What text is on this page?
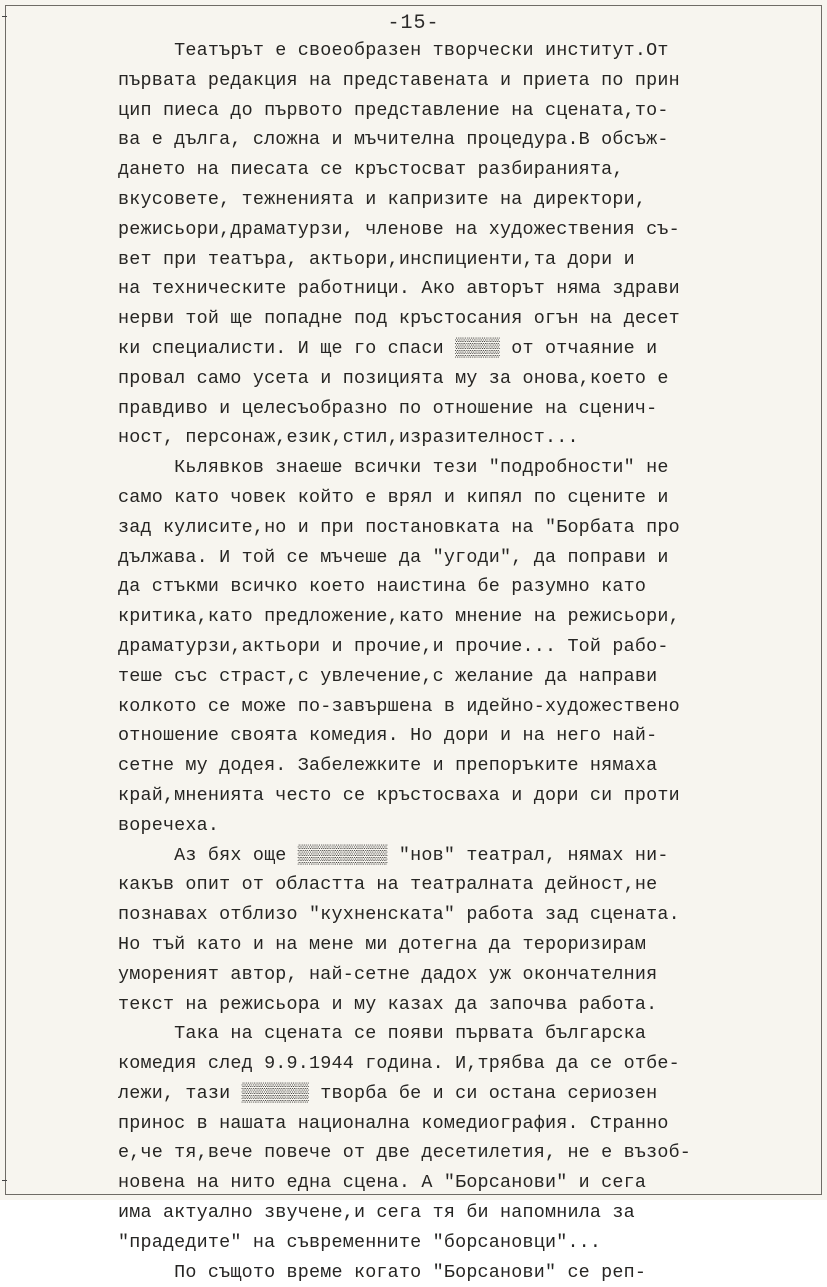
-15-
Театърът е своеобразен творчески институт.От
първата редакция на представената и приета по прин
цип пиеса до първото представление на сцената,то-
ва е дълга, сложна и мъчителна процедура.В обсъж-
дането на пиесата се кръстосват разбиранията,
вкусовете, тежненията и капризите на директори,
режисьори,драматурзи, членове на художествения съ-
вет при театъра, актьори,инспициенти,та дори и
на техническите работници. Ако авторът няма здрави
нерви той ще попадне под кръстосания огън на десет
ки специалисти. И ще го спаси ▒▒▒▒ от отчаяние и
провал само усета и позицията му за онова,което е
правдиво и целесъобразно по отношение на сценич-
ност, персонаж,език,стил,изразителност...
Кьлявков знаеше всички тези "подробности" не
само като човек който е врял и кипял по сцените и
зад кулисите,но и при постановката на "Борбата про
дължава. И той се мъчеше да "угоди", да поправи и
да стъкми всичко което наистина бе разумно като
критика,като предложение,като мнение на режисьори,
драматурзи,актьори и прочие,и прочие... Той рабо-
теше със страст,с увлечение,с желание да направи
колкото се може по-завършена в идейно-художествено
отношение своята комедия. Но дори и на него най-
сетне му додея. Забележките и препоръките нямаха
край,мненията често се кръстосваха и дори си проти
воречеха.
Аз бях още ▒▒▒▒▒▒▒▒ "нов" театрал, нямах ни-
какъв опит от областта на театралната дейност,не
познавах отблизо "кухненската" работа зад сцената.
Но тъй като и на мене ми дотегна да тероризирам
умореният автор, най-сетне дадох уж окончателния
текст на режисьора и му казах да започва работа.
Така на сцената се появи първата българска
комедия след 9.9.1944 година. И,трябва да се отбе-
лежи, тази ▒▒▒▒▒▒ творба бе и си остана сериозен
принос в нашата национална комедиография. Странно
е,че тя,вече повече от две десетилетия, не е възоб-
новена на нито една сцена. А "Борсанови" и сега
има актуално звучене,и сега тя би напомнила за
"прадедите" на съвременните "борсановци"...
По същото време когато "Борсанови" се реп-
